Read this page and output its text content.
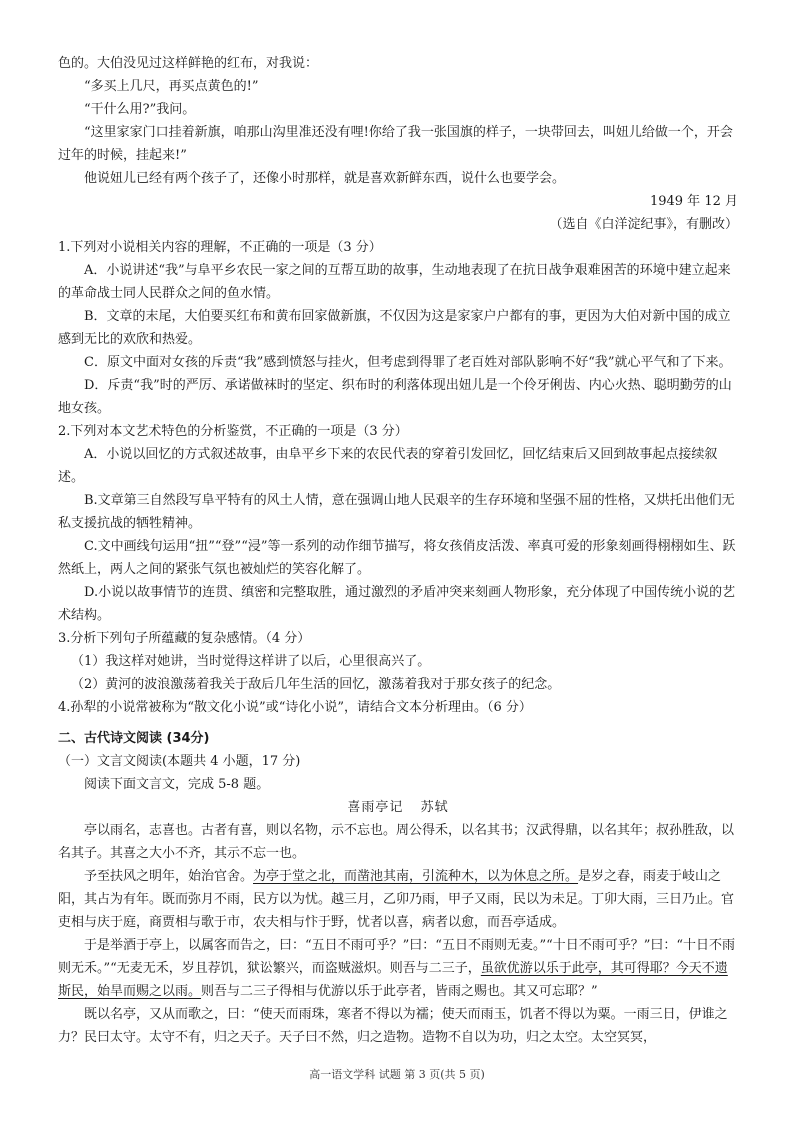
色的。大伯没见过这样鲜艳的红布，对我说：

“多买上几尺，再买点黄色的!”

“干什么用?”我问。

“这里家家门口挂着新旗，咱那山沟里准还没有哩!你给了我一张国旗的样子，一块带回去，叫妞儿给做一个，开会过年的时候，挂起来!”

他说妞儿已经有两个孩子了，还像小时那样，就是喜欢新鲜东西，说什么也要学会。

1949 年 12 月

（选自《白洋淀纪事》，有删改）

1.下列对小说相关内容的理解，不正确的一项是（3 分）

A．小说讲述“我”与阜平乡农民一家之间的互帮互助的故事，生动地表现了在抗日战争艰难困苦的环境中建立起来的革命战士同人民群众之间的鱼水情。

B．文章的末尾，大伯要买红布和黄布回家做新旗，不仅因为这是家家户户都有的事，更因为大伯对新中国的成立感到无比的欢欣和热爱。

C．原文中面对女孩的斥责“我”感到愤怒与挂火，但考虑到得罪了老百姓对部队影响不好“我”就心平气和了下来。

D．斥责“我”时的严厉、承诺做袜时的坚定、织布时的利落体现出妞儿是一个伶牙俐齿、内心火热、聪明勤劳的山地女孩。

2.下列对本文艺术特色的分析鉴赏，不正确的一项是（3 分）

A．小说以回忆的方式叙述故事，由阜平乡下来的农民代表的穿着引发回忆，回忆结束后又回到故事起点接续叙述。

B.文章第三自然段写阜平特有的风土人情，意在强调山地人民艰辛的生存环境和坚强不屈的性格，又烘托出他们无私支援抗战的牺牲精神。

C.文中画线句运用“扭”“登”“浸”等一系列的动作细节描写，将女孩俏皮活泼、率真可爱的形象刻画得栩栩如生、跃然纸上，两人之间的紧张气氛也被灿烂的笑容化解了。

D.小说以故事情节的连贯、缜密和完整取胜，通过激烈的矛盾冲突来刻画人物形象，充分体现了中国传统小说的艺术结构。

3.分析下列句子所蕴藏的复杂感情。（4 分）

（1）我这样对她讲，当时觉得这样讲了以后，心里很高兴了。

（2）黄河的波浪激荡着我关于敌后几年生活的回忆，激荡着我对于那女孩子的纪念。

4.孙犁的小说常被称为“散文化小说”或“诗化小说”，请结合文本分析理由。（6 分）

二、古代诗文阅读 (34分)

（一）文言文阅读(本题共 4 小题，17 分)

阅读下面文言文，完成 5-8 题。

喜雨亭记 苏轼

亭以雨名，志喜也。古者有喜，则以名物，示不忘也。周公得禾，以名其书；汉武得鼎，以名其年；叔孙胜敌，以名其子。其喜之大小不齐，其示不忘一也。

予至扶风之明年，始治官舍。为亭于堂之北，而凿池其南，引流种木，以为休息之所。是岁之春，雨麦于岐山之阳，其占为有年。既而弥月不雨，民方以为忧。越三月，乙卯乃雨，甲子又雨，民以为未足。丁卯大雨，三日乃止。官吏相与庆于庭，商贾相与歌于市，农夫相与忭于野，忧者以喜，病者以愈，而吾亭适成。

于是举酒于亭上，以属客而告之，曰：“五日不雨可乎？”曰：“五日不雨则无麦。”“十日不雨可乎？”曰：“十日不雨则无禾。”“无麦无禾，岁且荐饥，狱讼繁兴，而盗贼滋炽。则吾与二三子，虽欲优游以乐于此亭，其可得耶？今天不遗斯民，始旱而赐之以雨。则吾与二三子得相与优游以乐于此亭者，皆雨之赐也。其又可忘耶？”

既以名亭，又从而歌之，曰：“使天而雨珠，寒者不得以为襦；使天而雨玉，饥者不得以为粟。一雨三日，伊谁之力？民曰太守。太守不有，归之天子。天子曰不然，归之造物。造物不自以为功，归之太空。太空冥冥，

高一语文学科 试题 第 3 页(共 5 页)
